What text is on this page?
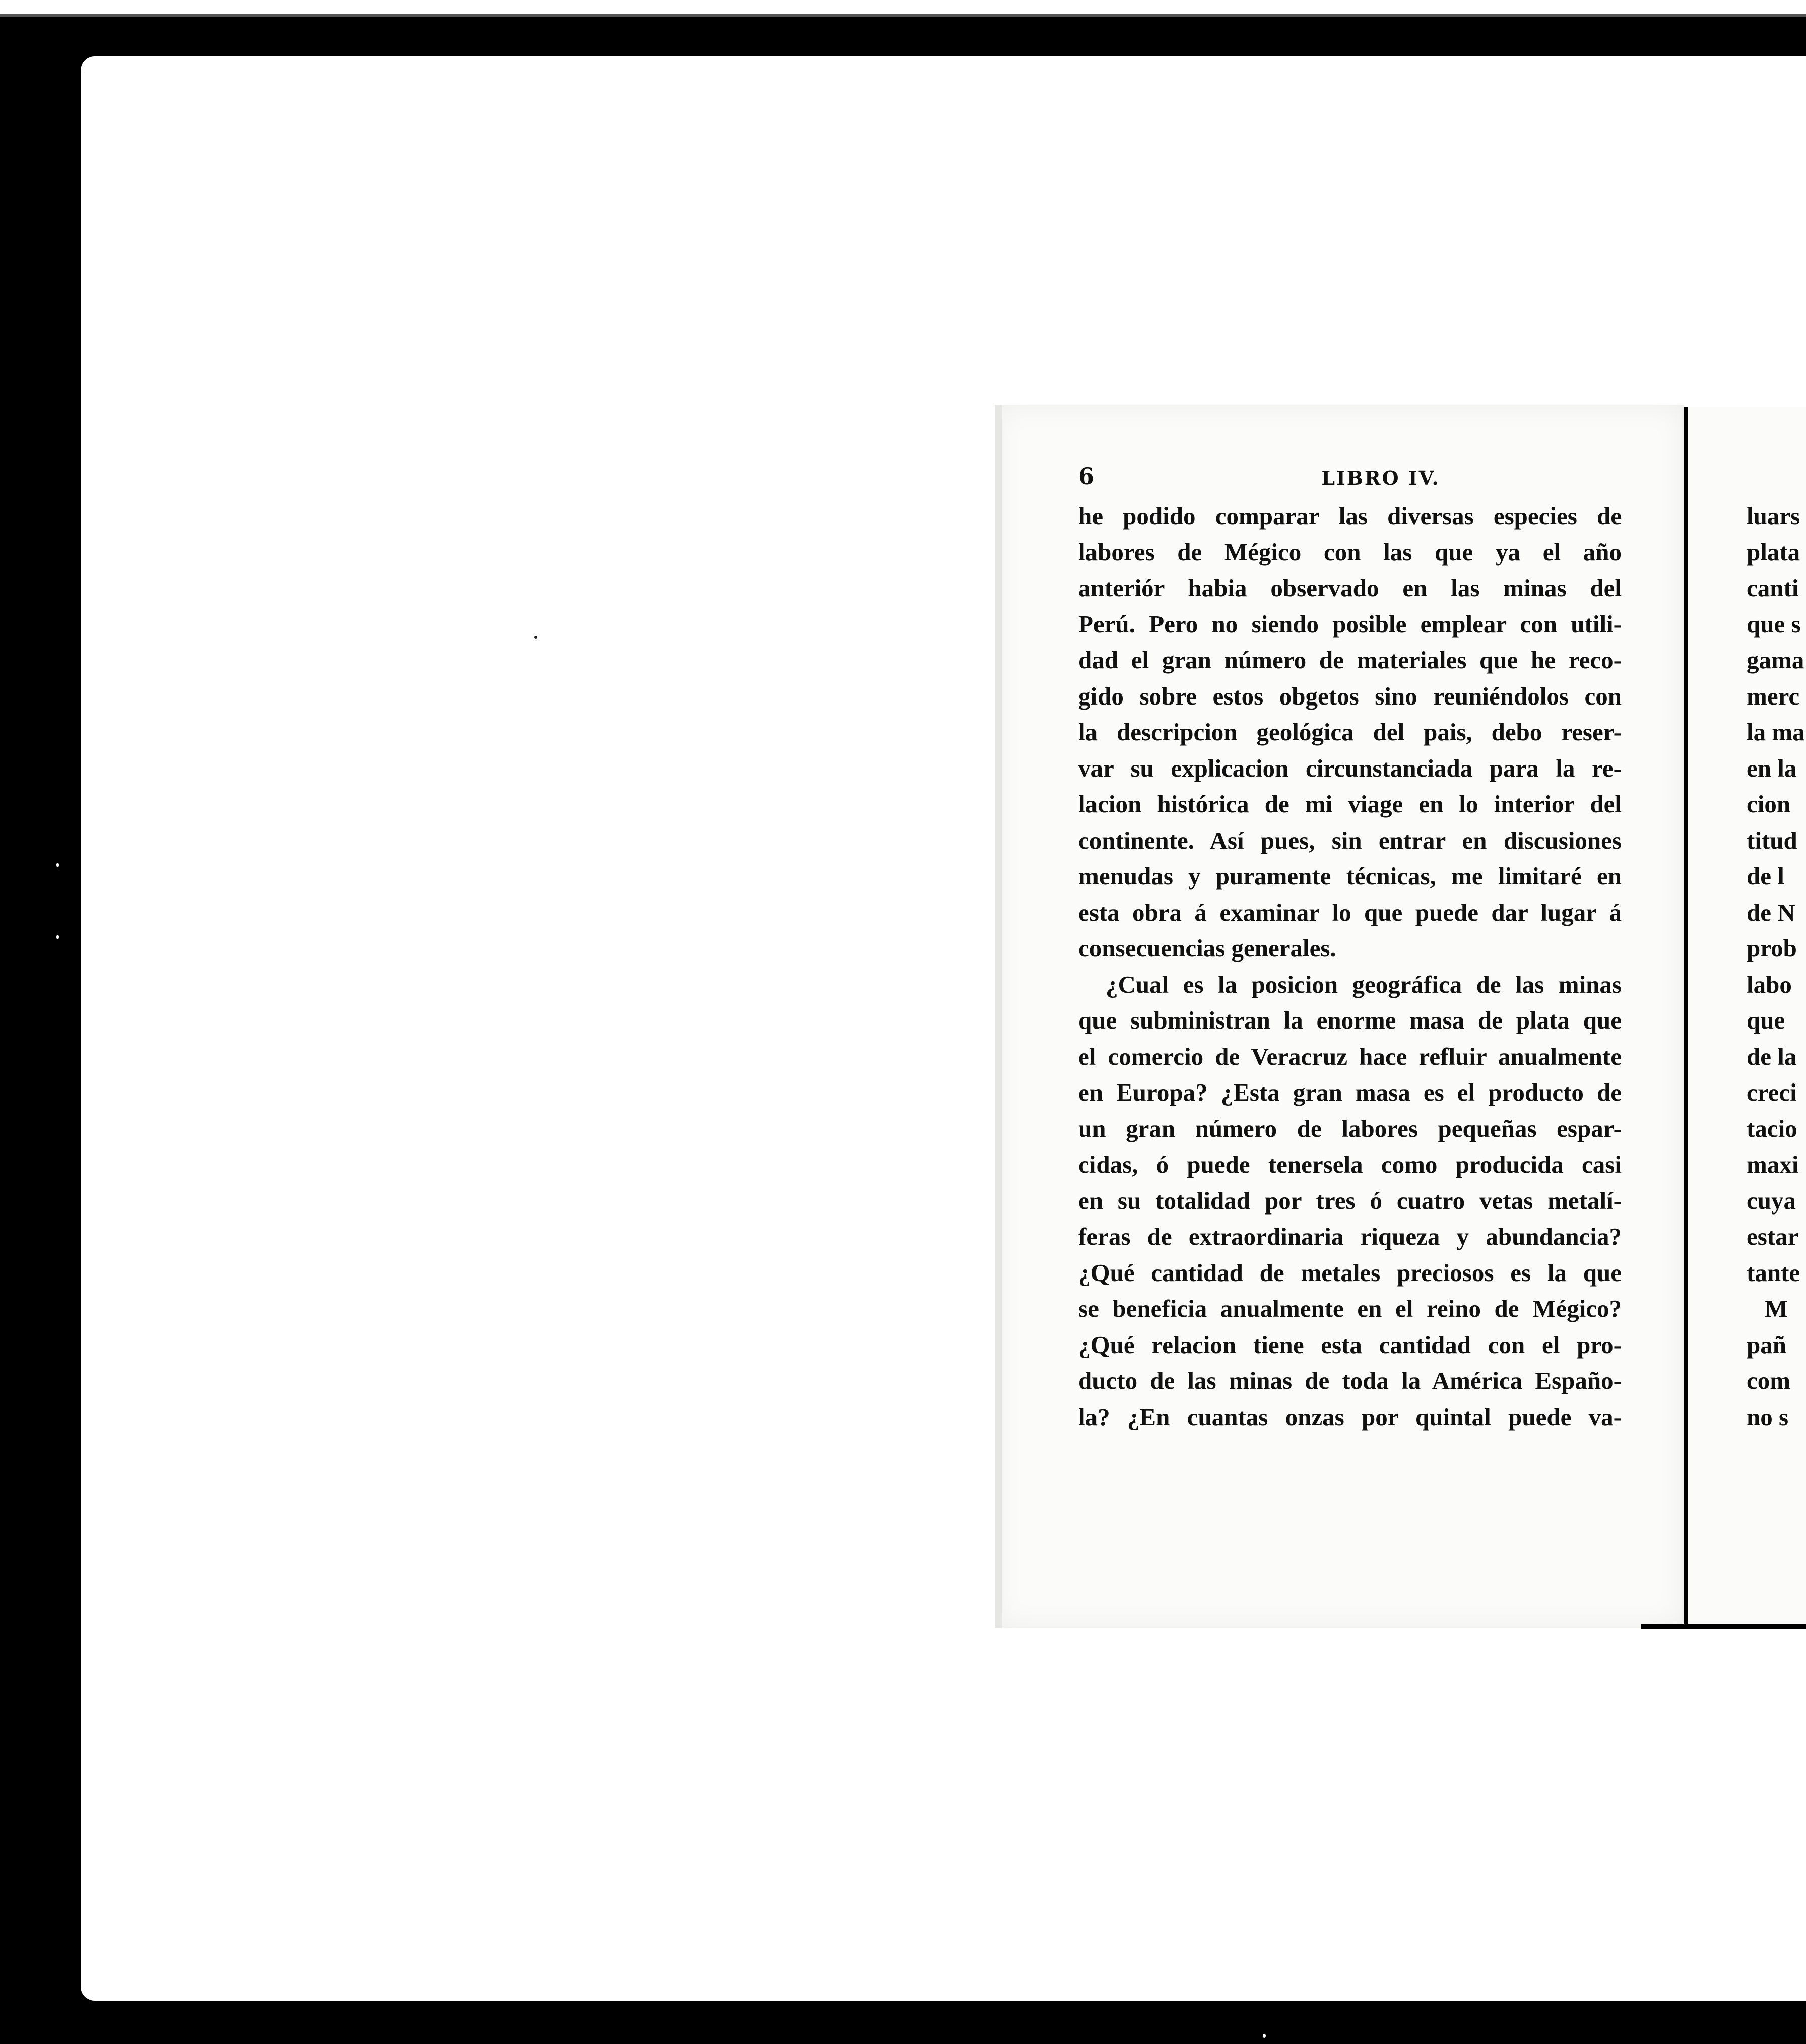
6	LIBRO IV.
he podido comparar las diversas especies de
labores de Mégico con las que ya el año
anteriór habia observado en las minas del
Perú. Pero no siendo posible emplear con utili-
dad el gran número de materiales que he reco-
gido sobre estos obgetos sino reuniéndolos con
la descripcion geológica del pais, debo reser-
var su explicacion circunstanciada para la re-
lacion histórica de mi viage en lo interior del
continente. Así pues, sin entrar en discusiones
menudas y puramente técnicas, me limitaré en
esta obra á examinar lo que puede dar lugar á
consecuencias generales.
¿Cual es la posicion geográfica de las minas
que subministran la enorme masa de plata que
el comercio de Veracruz hace refluir anualmente
en Europa? ¿Esta gran masa es el producto de
un gran número de labores pequeñas espar-
cidas, ó puede tenersela como producida casi
en su totalidad por tres ó cuatro vetas metalí-
feras de extraordinaria riqueza y abundancia?
¿Qué cantidad de metales preciosos es la que
se beneficia anualmente en el reino de Mégico?
¿Qué relacion tiene esta cantidad con el pro-
ducto de las minas de toda la América Españo-
la? ¿En cuantas onzas por quintal puede va-
luars
plata
canti
que s
gama
merc
la ma
en la
cion
titud
de l
de N
prob
labo
que
de la
creci
tacio
maxi
cuya
estar
tante
M
pañ
com
no s
